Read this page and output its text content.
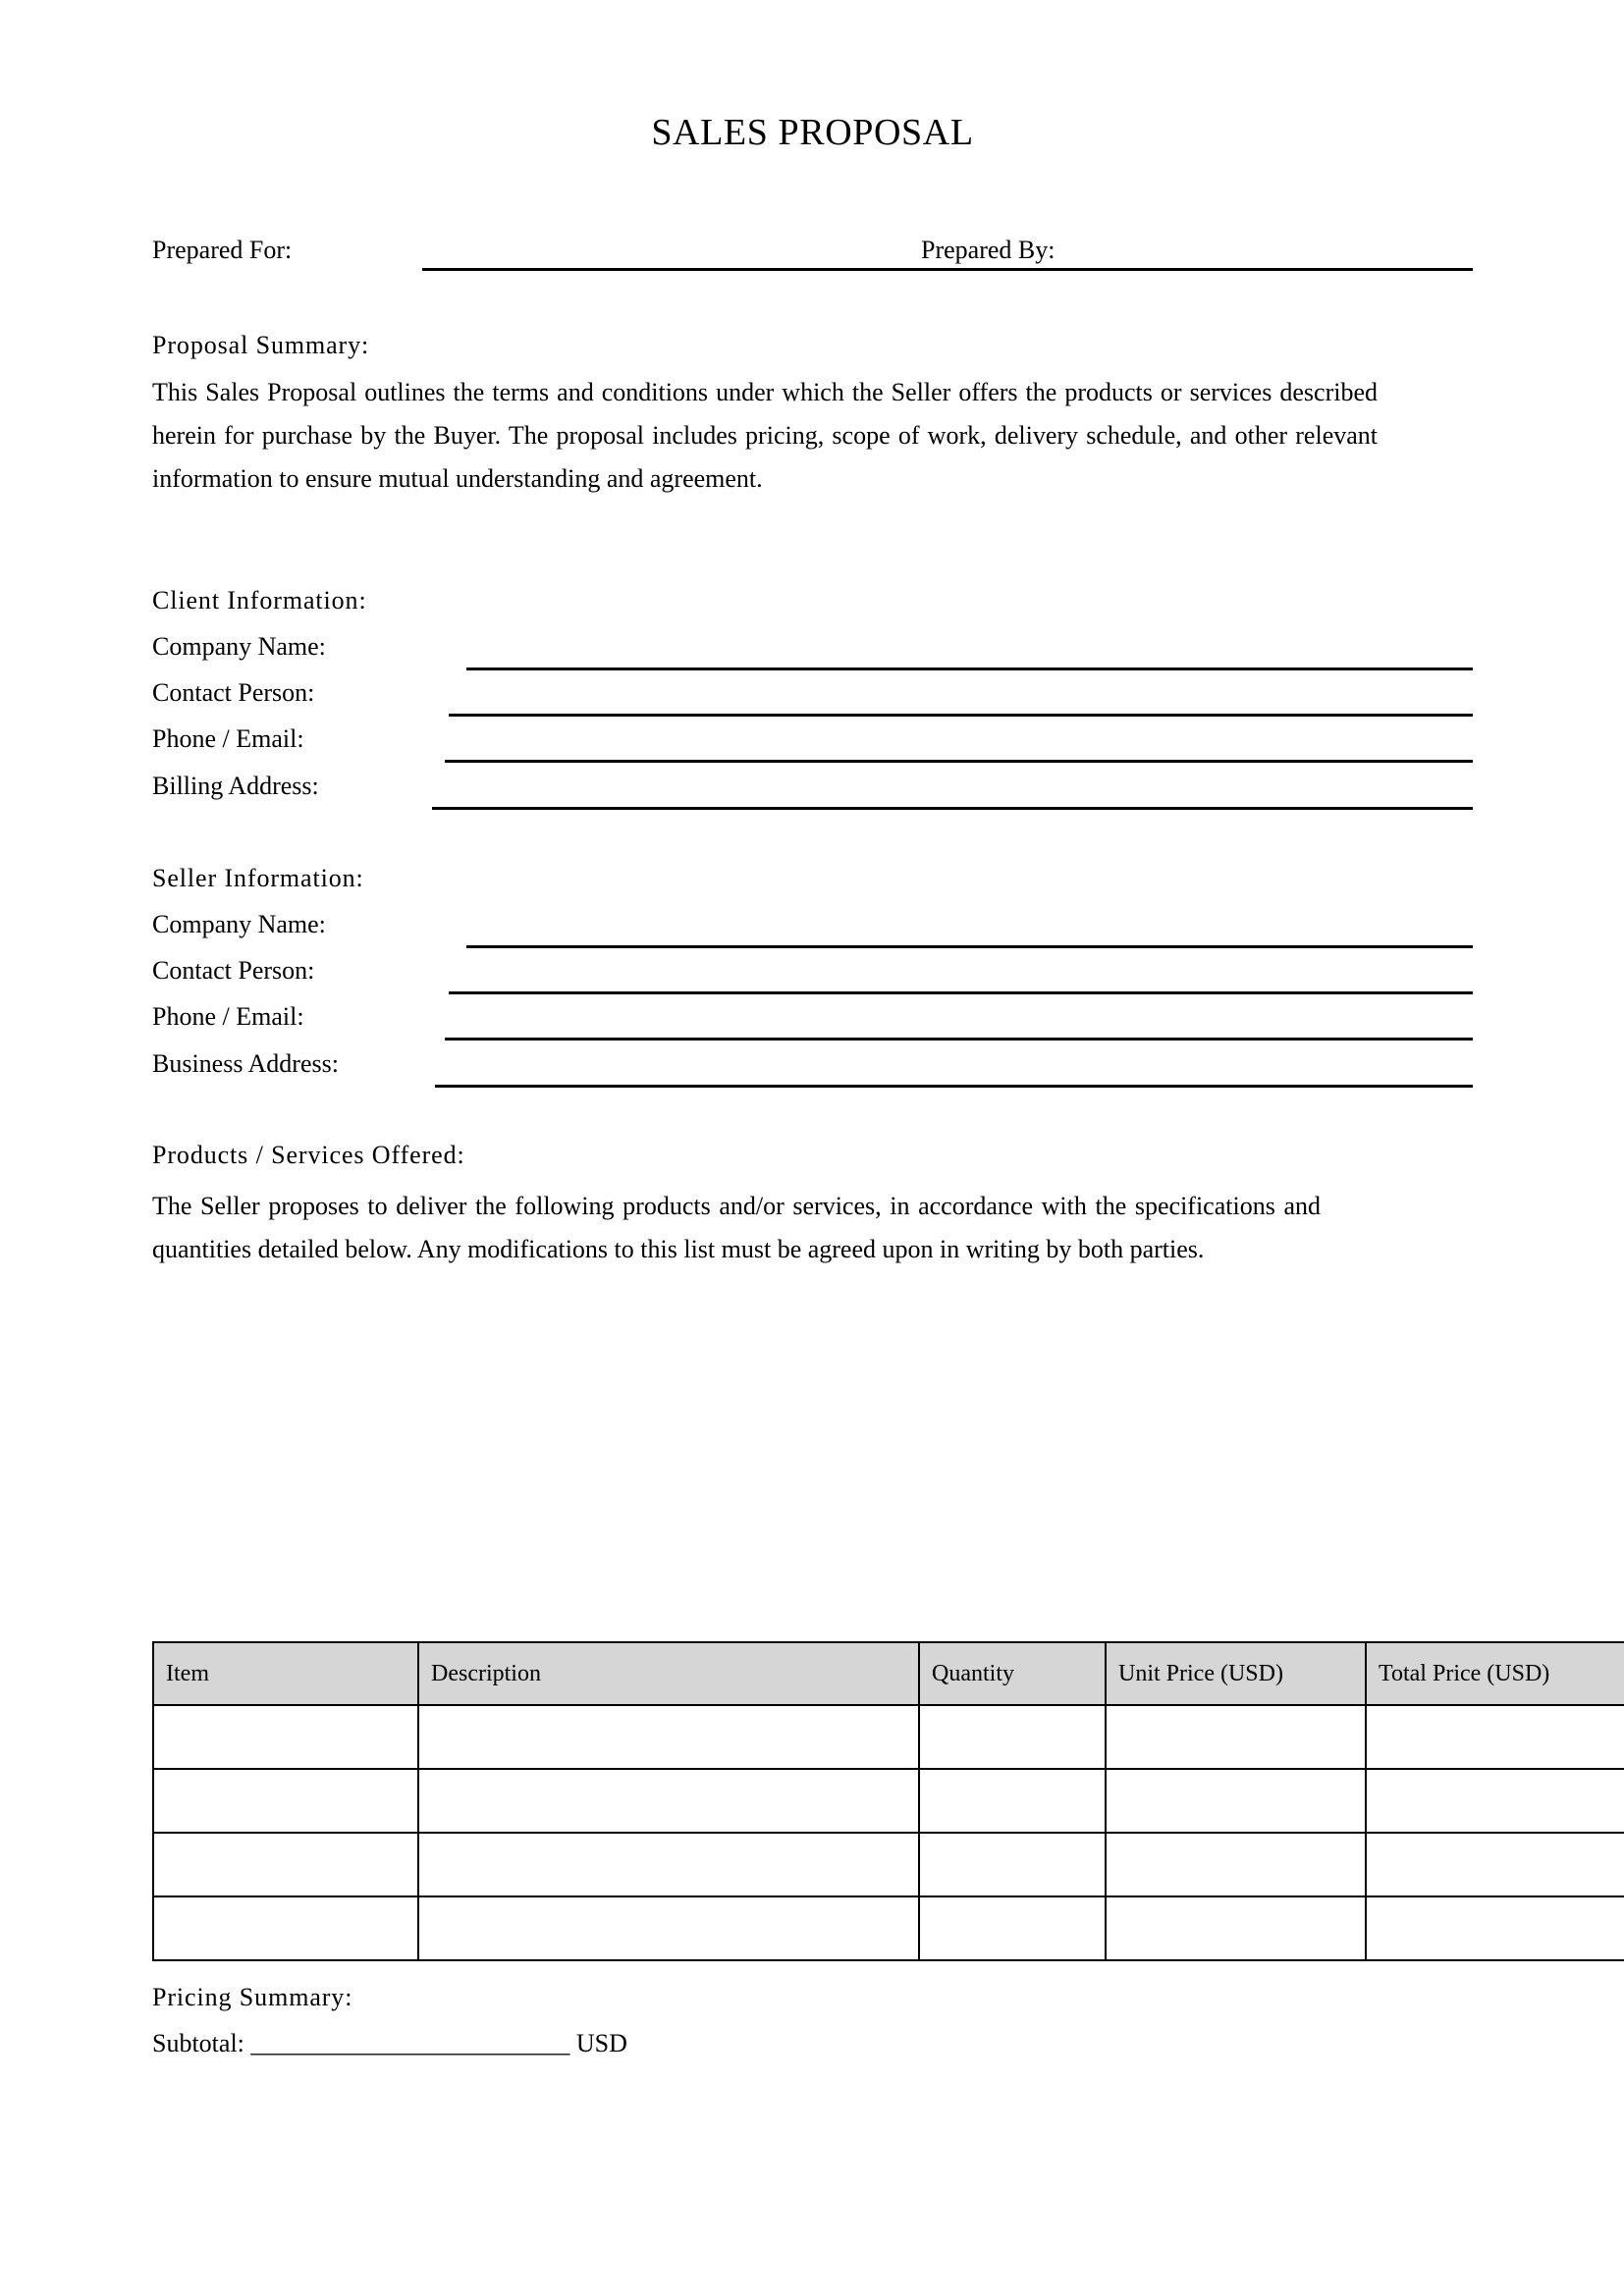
SALES PROPOSAL
Prepared For:	Prepared By:
Proposal Summary:
This Sales Proposal outlines the terms and conditions under which the Seller offers the products or services described herein for purchase by the Buyer. The proposal includes pricing, scope of work, delivery schedule, and other relevant information to ensure mutual understanding and agreement.
Client Information:
Company Name:
Contact Person:
Phone / Email:
Billing Address:
Seller Information:
Company Name:
Contact Person:
Phone / Email:
Business Address:
Products / Services Offered:
The Seller proposes to deliver the following products and/or services, in accordance with the specifications and quantities detailed below. Any modifications to this list must be agreed upon in writing by both parties.
Item	Description	Quantity	Unit Price (USD)	Total Price (USD)

Pricing Summary:
Subtotal: _________________________ USD
